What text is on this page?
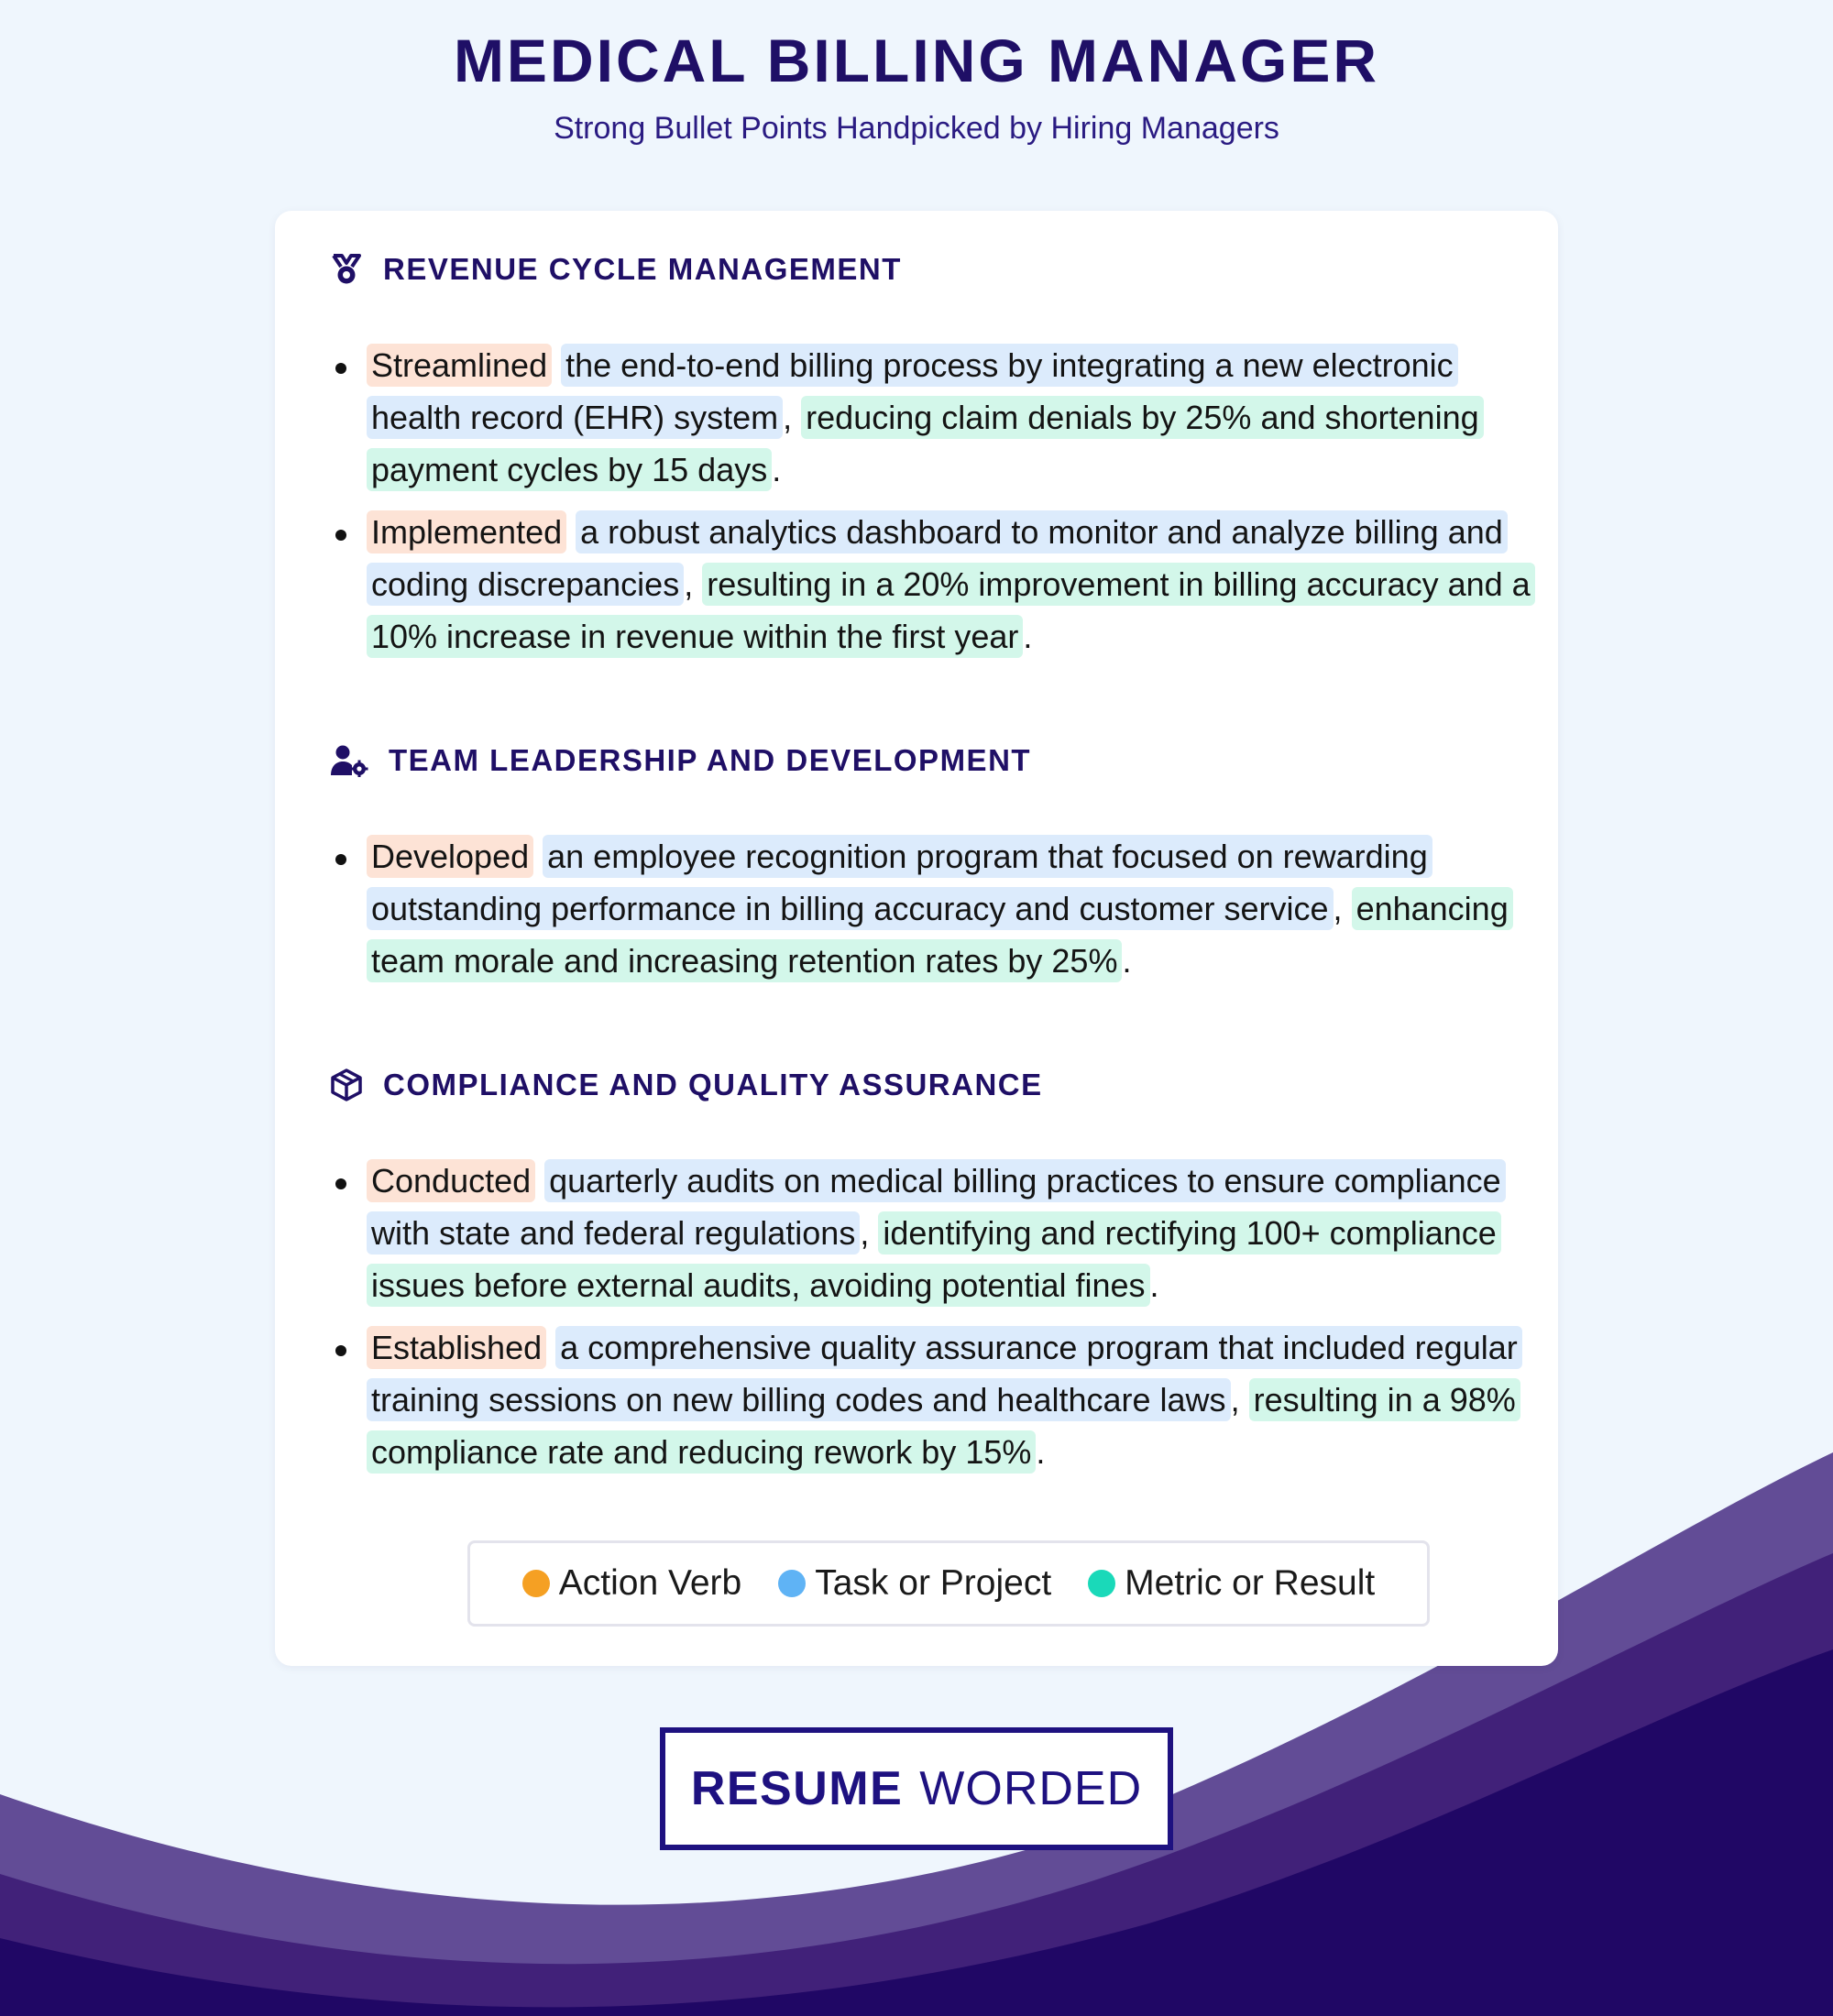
MEDICAL BILLING MANAGER

Strong Bullet Points Handpicked by Hiring Managers

REVENUE CYCLE MANAGEMENT

Streamlined the end-to-end billing process by integrating a new electronic health record (EHR) system , reducing claim denials by 25% and shortening payment cycles by 15 days .

Implemented a robust analytics dashboard to monitor and analyze billing and coding discrepancies , resulting in a 20% improvement in billing accuracy and a 10% increase in revenue within the first year .

TEAM LEADERSHIP AND DEVELOPMENT

Developed an employee recognition program that focused on rewarding outstanding performance in billing accuracy and customer service , enhancing team morale and increasing retention rates by 25% .

COMPLIANCE AND QUALITY ASSURANCE

Conducted quarterly audits on medical billing practices to ensure compliance with state and federal regulations , identifying and rectifying 100+ compliance issues before external audits, avoiding potential fines .

Established a comprehensive quality assurance program that included regular training sessions on new billing codes and healthcare laws , resulting in a 98% compliance rate and reducing rework by 15% .

Action Verb Task or Project Metric or Result
RESUME WORDED
